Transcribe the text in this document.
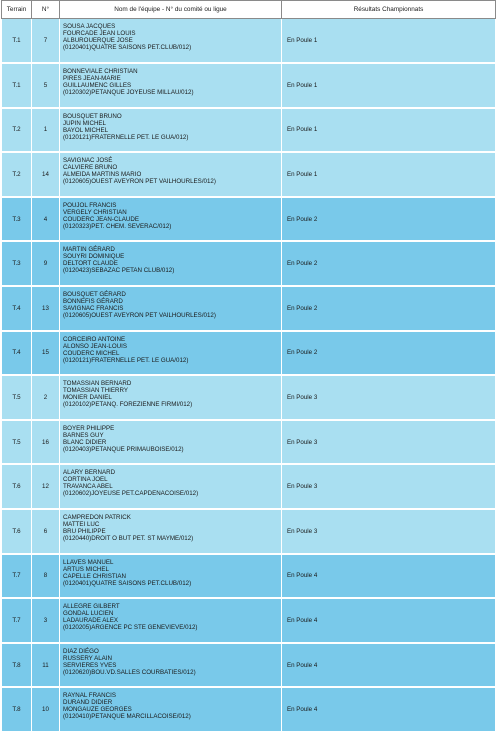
Terrain	N°	Nom de l'équipe - N° du comité ou ligue	Résultats Championnats
T.1	7	SOUSA JACQUES
FOURCADE JEAN LOUIS
ALBUROUERQUE JOSE
(0120401)QUATRE SAISONS PET.CLUB/012)	En Poule 1
T.1	5	BONNEVIALE CHRISTIAN
PIRES JEAN-MARIE
GUILLAUMENC GILLES
(0120302)PETANQUE JOYEUSE MILLAU/012)	En Poule 1
T.2	1	BOUSQUET BRUNO
JUPIN MICHEL
BAYOL MICHEL
(0120121)FRATERNELLE PET. LE GUA/012)	En Poule 1
T.2	14	SAVIGNAC JOSÉ
CALVIERE BRUNO
ALMEIDA MARTINS MARIO
(0120605)OUEST AVEYRON PET VAILHOURLES/012)	En Poule 1
T.3	4	POUJOL FRANCIS
VERGELY CHRISTIAN
COUDERC JEAN-CLAUDE
(0120323)PET. CHEM. SEVERAC/012)	En Poule 2
T.3	9	MARTIN GÉRARD
SOUYRI DOMINIQUE
DELTORT CLAUDE
(0120423)SEBAZAC PETAN CLUB/012)	En Poule 2
T.4	13	BOUSQUET GÉRARD
BONNEFIS GÉRARD
SAVIGNAC FRANCIS
(0120605)OUEST AVEYRON PET VAILHOURLES/012)	En Poule 2
T.4	15	CORCEIRO ANTOINE
ALONSO JEAN-LOUIS
COUDERC MICHEL
(0120121)FRATERNELLE PET. LE GUA/012)	En Poule 2
T.5	2	TOMASSIAN BERNARD
TOMASSIAN THIERRY
MONIER DANIEL
(0120102)PETANQ. FOREZIENNE FIRMI/012)	En Poule 3
T.5	16	BOYER PHILIPPE
BARNES GUY
BLANC DIDIER
(0120403)PETANQUE PRIMAUBOISE/012)	En Poule 3
T.6	12	ALARY BERNARD
CORTINA JOEL
TRAVANCA ABEL
(0120602)JOYEUSE PET.CAPDENACOISE/012)	En Poule 3
T.6	6	CAMPREDON PATRICK
MATTEI LUC
BRU PHILIPPE
(0120440)DROIT O BUT PET. ST MAYME/012)	En Poule 3
T.7	8	LLAVES MANUEL
ARTUS MICHEL
CAPELLE CHRISTIAN
(0120401)QUATRE SAISONS PET.CLUB/012)	En Poule 4
T.7	3	ALLEGRE GILBERT
GONDAL LUCIEN
LADAURADE ALEX
(0120205)ARGENCE PC STE GENEVIEVE/012)	En Poule 4
T.8	11	DIAZ DIÉGO
RUSSERY ALAIN
SERVIERES YVES
(0120620)BOU.VD.SALLES COURBATIES/012)	En Poule 4
T.8	10	RAYNAL FRANCIS
DURAND DIDIER
MONGAUZE GEORGES
(0120410)PETANQUE MARCILLACOISE/012)	En Poule 4
